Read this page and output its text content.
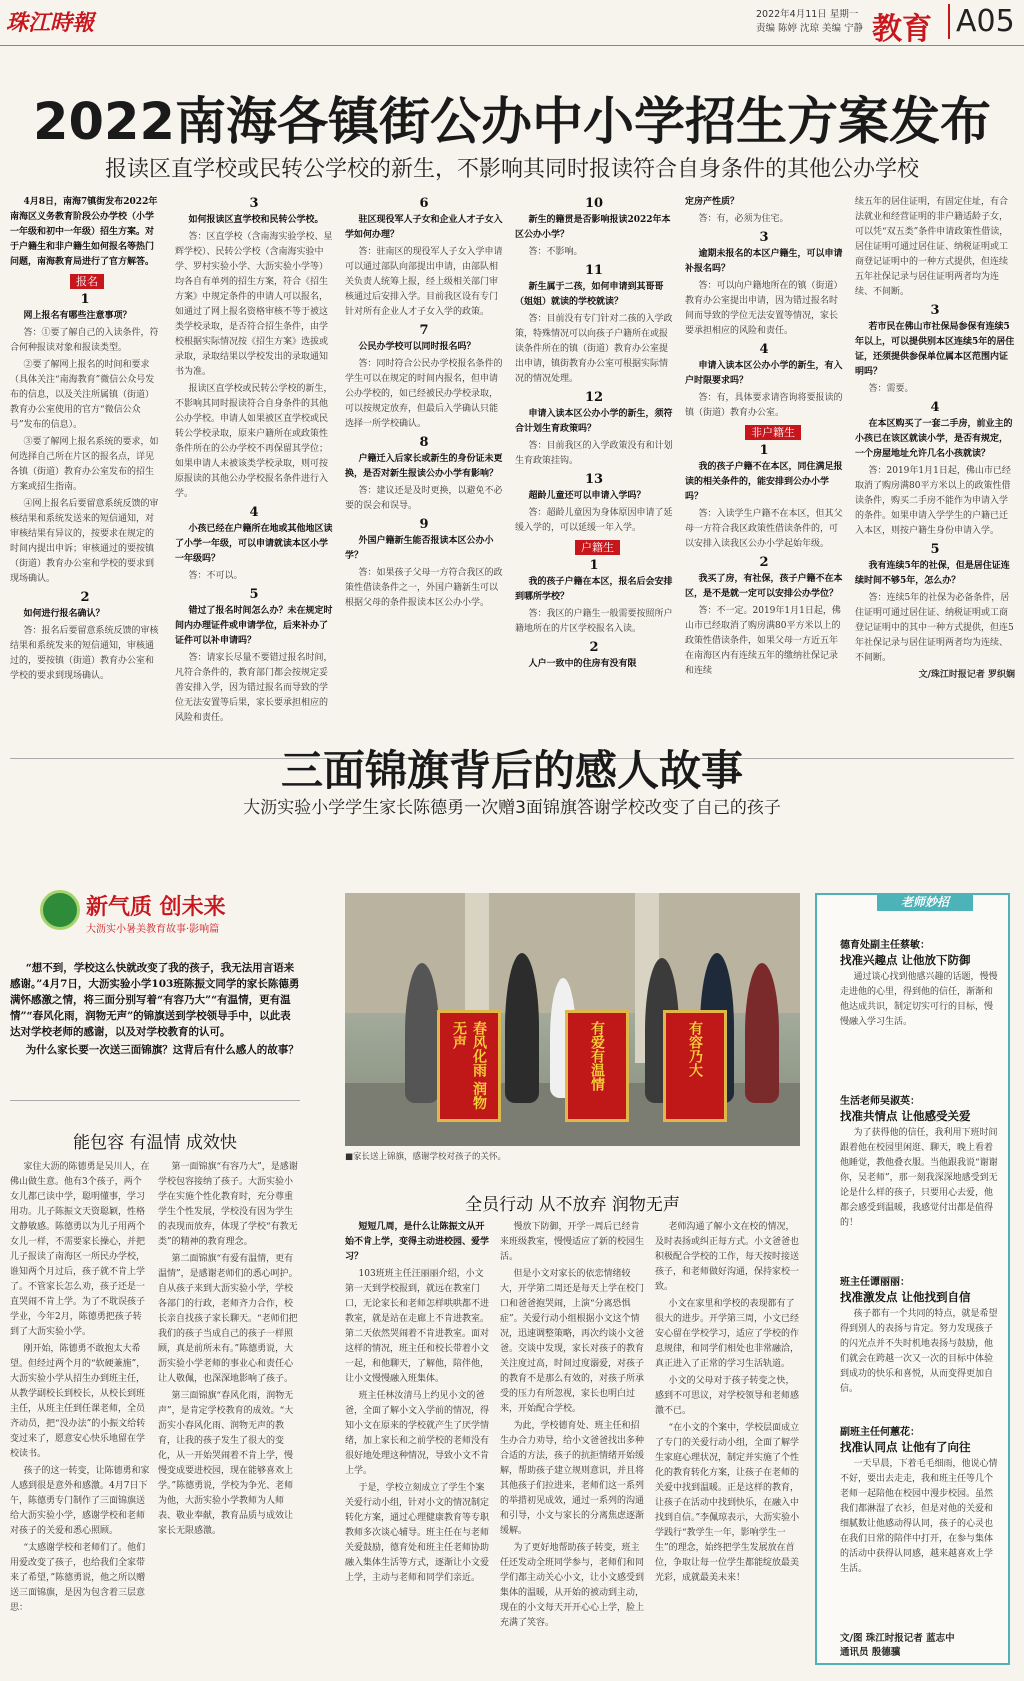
珠江時報	2022年4月11日 星期一
责编 陈婷 沈琼 美编 宁静 教育 A05
2022南海各镇街公办中小学招生方案发布
报读区直学校或民转公学校的新生，不影响其同时报读符合自身条件的其他公办学校

4月8日，南海7镇街发布2022年南海区义务教育阶段公办学校（小学一年级和初中一年级）招生方案。对于户籍生和非户籍生如何报名等热门问题，南海教育局进行了官方解答。

报名
1

网上报名有哪些注意事项？

答：①要了解自己的入读条件，符合何种报读对象和报读类型。

②要了解网上报名的时间和要求（具体关注“南海教育”微信公众号发布的信息，以及关注所属镇（街道）教育办公室使用的官方“微信公众号”发布的信息）。

③要了解网上报名系统的要求，如何选择自己所在片区的报名点，详见各镇（街道）教育办公室发布的招生方案或招生指南。

④网上报名后要留意系统反馈的审核结果和系统发送来的短信通知，对审核结果有异议的，按要求在规定的时间内提出申诉；审核通过的要按镇（街道）教育办公室和学校的要求到现场确认。

2

如何进行报名确认？

答：报名后要留意系统反馈的审核结果和系统发来的短信通知，审核通过的，要按镇（街道）教育办公室和学校的要求到现场确认。

3

如何报读区直学校和民转公学校。

答：区直学校（含南海实验学校、星辉学校）、民转公学校（含南海实验中学、罗村实验小学、大沥实验小学等）均各自有单列的招生方案，符合《招生方案》中规定条件的申请人可以报名，如通过了网上报名资格审核不等于被这类学校录取，是否符合招生条件，由学校根据实际情况按《招生方案》选拔或录取，录取结果以学校发出的录取通知书为准。

报读区直学校或民转公学校的新生，不影响其同时报读符合自身条件的其他公办学校。申请人如果被区直学校或民转公学校录取，原来户籍所在或政策性条件所在的公办学校不再保留其学位；如果申请人未被该类学校录取，则可按原报读的其他公办学校报名条件进行入学。

4

小孩已经在户籍所在地或其他地区读了小学一年级，可以申请就读本区小学一年级吗？

答：不可以。

5

错过了报名时间怎么办？未在规定时间内办理证件或申请学位，后来补办了证件可以补申请吗？

答：请家长尽量不要错过报名时间，凡符合条件的，教育部门都会按规定妥善安排入学，因为错过报名而导致的学位无法安置等后果，家长要承担相应的风险和责任。

6

驻区现役军人子女和企业人才子女入学如何办理？

答：驻南区的现役军人子女入学申请可以通过部队向部提出申请，由部队相关负责人统筹上报，经上级相关部门审核通过后安排入学。目前我区设有专门针对所有企业人才子女入学的政策。

7

公民办学校可以同时报名吗？

答：同时符合公民办学校报名条件的学生可以在规定的时间内报名，但申请公办学校的，如已经被民办学校录取，可以按规定放弃，但最后入学确认只能选择一所学校确认。

8

户籍迁入后家长或新生的身份证未更换，是否对新生报读公办小学有影响？

答：建议还是及时更换，以避免不必要的误会和误导。

9

外国户籍新生能否报读本区公办小学？

答：如果孩子父母一方符合我区的政策性借读条件之一，外国户籍新生可以根据父母的条件报读本区公办小学。

10

新生的籍贯是否影响报读2022年本区公办小学？

答：不影响。

11

新生属于二孩，如何申请到其哥哥（姐姐）就读的学校就读？

答：目前没有专门针对二孩的入学政策，特殊情况可以向孩子户籍所在或报读条件所在的镇（街道）教育办公室提出申请，镇街教育办公室可根据实际情况的情况处理。

12

申请入读本区公办小学的新生，须符合计划生育政策吗？

答：目前我区的入学政策没有和计划生育政策挂钩。

13

超龄儿童还可以申请入学吗？

答：超龄儿童因为身体原因申请了延缓入学的，可以延缓一年入学。

户籍生
1

我的孩子户籍在本区，报名后会安排到哪所学校？

答：我区的户籍生一般需要按照所户籍地所在的片区学校报名入读。

2

人户一致中的住房有没有限

定房产性质？

答：有，必须为住宅。

3

逾期未报名的本区户籍生，可以申请补报名吗？

答：可以向户籍地所在的镇（街道）教育办公室提出申请，因为错过报名时间而导致的学位无法安置等情况，家长要承担相应的风险和责任。

4

申请入读本区公办小学的新生，有入户时限要求吗？

答：有，具体要求请咨询将要报读的镇（街道）教育办公室。

非户籍生
1

我的孩子户籍不在本区，同住满足报读的相关条件的，能安排到公办小学吗？

答：入读学生户籍不在本区，但其父母一方符合我区政策性借读条件的，可以安排入读我区公办小学起始年级。

2

我买了房，有社保，孩子户籍不在本区，是不是就一定可以安排公办学位？

答：不一定。2019年1月1日起，佛山市已经取消了购房满80平方米以上的政策性借读条件，如果父母一方近五年在南海区内有连续五年的缴纳社保记录和连续

续五年的居住证明，有固定住址，有合法就业和经营证明的非户籍适龄子女，可以凭“双五类”条件申请政策性借读，居住证明可通过居住证、纳税证明或工商登记证明中的一种方式提供，但连续五年社保记录与居住证明两者均为连续、不间断。

3

若市民在佛山市社保局参保有连续5年以上，可以提供别本区连续5年的居住证，还须提供参保单位属本区范围内证明吗？

答：需要。

4

在本区购买了一套二手房，前业主的小孩已在该区就读小学，是否有规定，一个房屋地址允许几名小孩就读？

答：2019年1月1日起，佛山市已经取消了购房满80平方米以上的政策性借读条件，购买二手房不能作为申请入学的条件。如果申请入学学生的户籍已迁入本区，则按户籍生身份申请入学。

5

我有连续5年的社保，但是居住证连续时间不够5年，怎么办？

答：连续5年的社保为必备条件，居住证明可通过居住证、纳税证明或工商登记证明中的其中一种方式提供，但连5年社保记录与居住证明两者均为连续、不间断。

文/珠江时报记者 罗织娴

三面锦旗背后的感人故事
大沥实验小学学生家长陈德勇一次赠3面锦旗答谢学校改变了自己的孩子
新气质 创未来
大沥实小暑美教育故事·影响篇

“想不到，学校这么快就改变了我的孩子，我无法用言语来感谢。”4月7日，大沥实验小学103班陈振文同学的家长陈德勇满怀感激之情，将三面分别写着“有容乃大”“有温情，更有温情”“春风化雨，润物无声”的锦旗送到学校领导手中，以此表达对学校老师的感谢，以及对学校教育的认可。

为什么家长要一次送三面锦旗？这背后有什么感人的故事？

能包容 有温情 成效快

家住大沥的陈德勇是吴川人，在佛山做生意。他有3个孩子，两个女儿都已读中学，聪明懂事，学习用功。儿子陈振文天资聪颖，性格文静敏感。陈德勇以为儿子用两个女儿一样，不需要家长操心，并把儿子报读了南海区一所民办学校，谁知两个月过后，孩子就不肯上学了。不管家长怎么劝，孩子还是一直哭闹不肯上学。为了不耽误孩子学业，今年2月，陈德勇把孩子转到了大沥实验小学。

刚开始，陈德勇不敢抱太大希望。但经过两个月的“软硬兼施”，大沥实验小学从招生办到班主任，从教学副校长到校长，从校长到班主任，从班主任到任课老师，全员齐动员，把“没办法”的小振文给转变过来了，愿意安心快乐地留在学校读书。

孩子的这一转变，让陈德勇和家人感到很是意外和感激。4月7日下午，陈德勇专门制作了三面锦旗送给大沥实验小学，感谢学校和老师对孩子的关爱和悉心照顾。

“太感谢学校和老师们了。他们用爱改变了孩子，也给我们全家带来了希望，”陈德勇说，他之所以赠送三面锦旗，是因为包含着三层意思：

第一面锦旗“有容乃大”，是感谢学校包容接纳了孩子。大沥实验小学在实施个性化教育时，充分尊重学生个性发展，学校没有因为学生的表现而放弃，体现了学校“有教无类”的精神的教育理念。

第二面锦旗“有爱有温情，更有温情”，是感谢老师们的悉心呵护。自从孩子来到大沥实验小学，学校各部门的行政，老师齐力合作，校长亲自找孩子家长聊天。“老师们把我们的孩子当成自己的孩子一样照顾，真是前所未有。”陈德勇说，大沥实验小学老师的事业心和责任心让人敬佩，也深深地影响了孩子。

第三面锦旗“春风化雨，润物无声”，是肯定学校教育的成效。“大沥实小春风化雨、润物无声的教育，让我的孩子发生了很大的变化，从一开始哭闹着不肯上学，慢慢变成要进校园，现在能够喜欢上学。”陈德勇说，学校为争光、老师为他，大沥实验小学教师为人师表、敬业奉献，教育品质与成效让家长无限感激。

春风化雨 润物无声	有爱有温情	有容乃大
■家长送上锦旗，感谢学校对孩子的关怀。
全员行动 从不放弃 润物无声

短短几周，是什么让陈振文从开始不肯上学，变得主动进校园、爱学习？

103班班主任汪丽丽介绍，小文第一天到学校报到，就远在教室门口，无论家长和老师怎样哄哄都不进教室，就是站在走廊上不肯进教室。第二天依然哭闹着不肯进教室。面对这样的情况，班主任和校长带着小文一起，和他聊天，了解他，陪伴他，让小文慢慢融入班集体。

班主任林汝清马上约见小文的爸爸，全面了解小文入学前的情况，得知小文在原来的学校就产生了厌学情绪，加上家长和之前学校的老师没有很好地处理这种情况，导致小文不肯上学。

于是，学校立刻成立了学生个案关爱行动小组，针对小文的情况制定转化方案，通过心理健康教育等专职教师多次谈心辅导。班主任在与老师关爱鼓励，德育处和班主任老师协助融入集体生活等方式，逐渐让小文爱上学，主动与老师和同学们亲近。

慢放下防御，开学一周后已经肯来班级教室，慢慢适应了新的校园生活。

但是小文对家长的依恋情绪较大，开学第二周还是每天上学在校门口和爸爸抱哭闹，上演“分离恐惧症”。关爱行动小组根据小文这个情况，迅速调整策略，再次约谈小文爸爸。交谈中发现，家长对孩子的教育关注度过高，时间过度溺爱，对孩子的教育不是那么有效的，对孩子所承受的压力有所忽视，家长也明白过来，开始配合学校。

为此，学校德育处、班主任和招生办合力劝导，给小文爸爸找出多种合适的方法，孩子的抗拒情绪开始缓解，帮助孩子建立规则意识，并且将其他孩子们拉进来，老师们这一系列的举措初见成效，通过一系列的沟通和引导，小文与家长的分离焦虑逐渐缓解。

为了更好地帮助孩子转变，班主任还发动全班同学参与，老师们和同学们都主动关心小文，让小文感受到集体的温暖，从开始的被动到主动，现在的小文每天开开心心上学，脸上充满了笑容。

老师沟通了解小文在校的情况，及时表扬或纠正每方式。小文爸爸也积极配合学校的工作，每天按时接送孩子，和老师做好沟通，保持家校一致。

小文在家里和学校的表现都有了很大的进步。开学第三周，小文已经安心留在学校学习，适应了学校的作息规律，和同学们相处也非常融洽，真正进入了正常的学习生活轨道。

小文的父母对于孩子转变之快，感到不可思议，对学校领导和老师感激不已。

“在小文的个案中，学校层面成立了专门的关爱行动小组，全面了解学生家庭心理状况，制定并实施了个性化的教育转化方案，让孩子在老师的关爱中找到温暖。正是这样的教育，让孩子在活动中找到快乐，在融入中找到自信。”李佩琼表示，大沥实验小学践行“教学生一年，影响学生一生”的理念，始终把学生发展放在首位，争取让每一位学生都能绽放最美光彩，成就最美未来！

老师妙招
德育处副主任蔡敏：
找准兴趣点 让他放下防御

通过谈心找到他感兴趣的话题，慢慢走进他的心里，得到他的信任，渐渐和他达成共识，制定切实可行的目标，慢慢融入学习生活。

生活老师吴淑英：
找准共情点 让他感受关爱

为了获得他的信任，我利用下班时间跟着他在校园里闲逛、聊天，晚上看着他睡觉，教他叠衣服。当他跟我说“谢谢你，吴老师”，那一刻我深深地感受到无论是什么样的孩子，只要用心去爱，他都会感受到温暖，我感觉付出都是值得的！

班主任谭丽丽：
找准激发点 让他找到自信

孩子都有一个共同的特点，就是希望得到别人的表扬与肯定。努力发现孩子的闪光点并不失时机地表扬与鼓励，他们就会在跨越一次又一次的目标中体验到成功的快乐和喜悦，从而变得更加自信。

副班主任何蕙花：
找准认同点 让他有了向往

一天早晨，下着毛毛细雨，他说心情不好，要出去走走，我和班主任等几个老师一起陪他在校园中漫步校园。虽然我们都淋湿了衣衫，但是对他的关爱和细腻数让他感动得认同，孩子的心灵也在我们日常的陪伴中打开，在参与集体的活动中获得认同感，越来越喜欢上学生活。

文/图 珠江时报记者 蓝志中
通讯员 殷德骥
